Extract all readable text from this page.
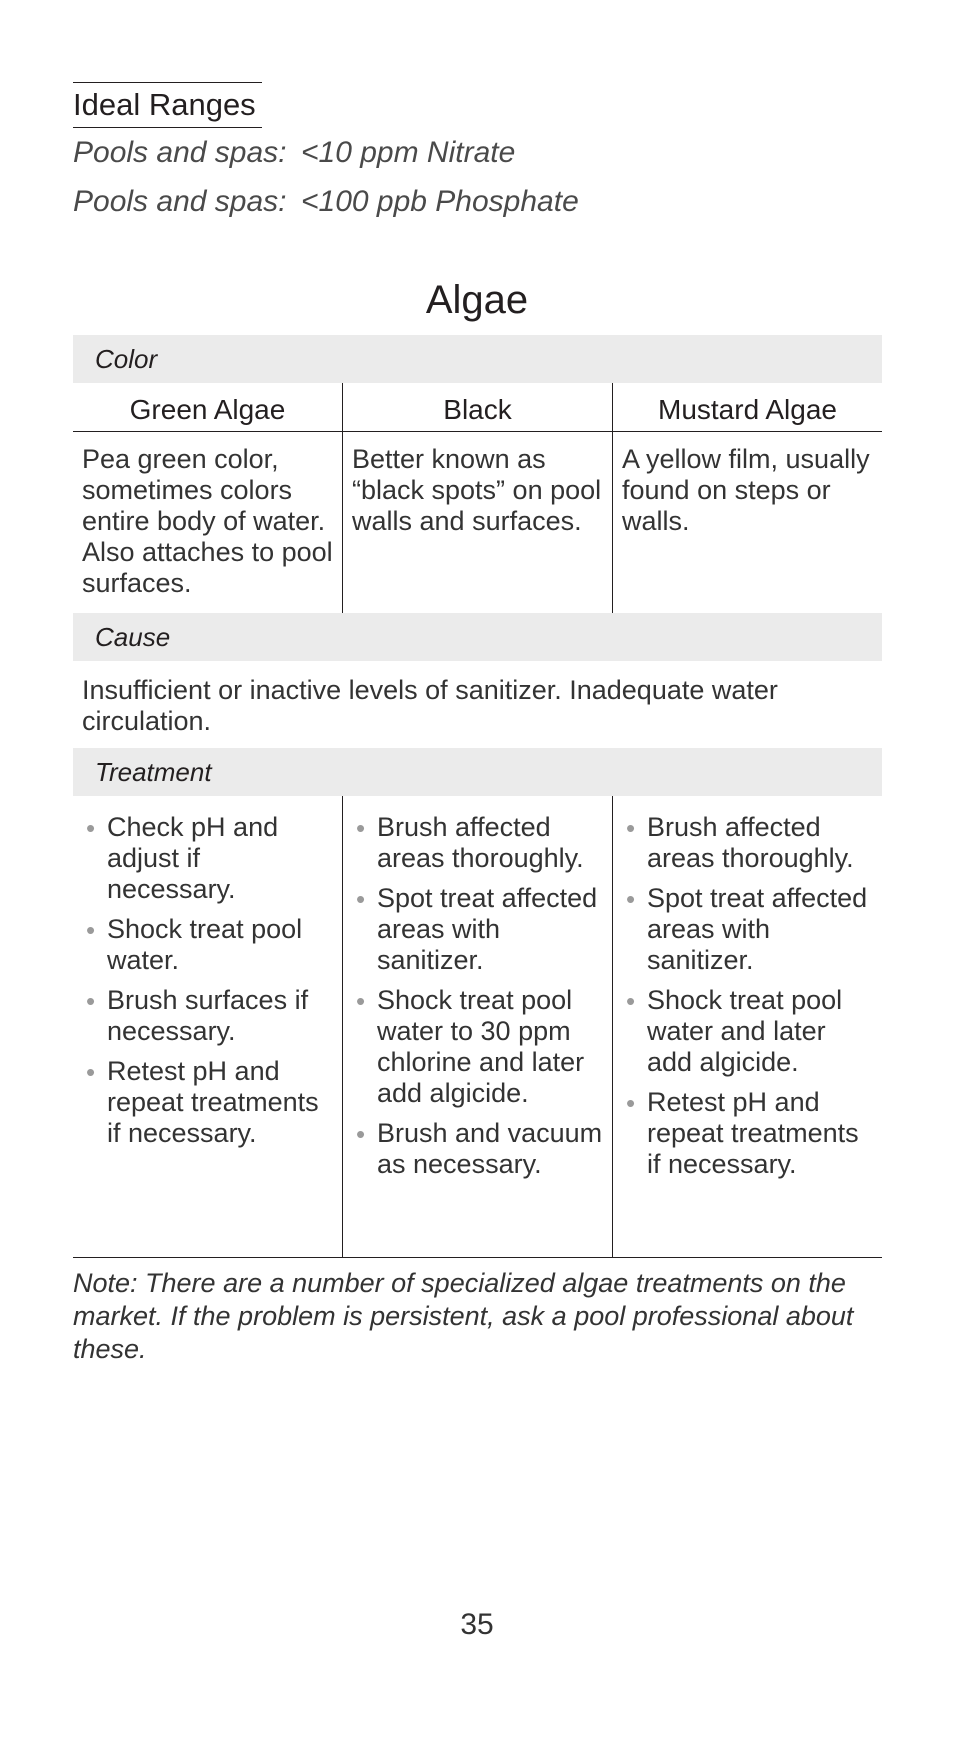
Ideal Ranges
Pools and spas: <10 ppm Nitrate
Pools and spas: <100 ppb Phosphate
Algae
Color
Green Algae	Black	Mustard Algae
Pea green color, sometimes colors entire body of water. Also attaches to pool surfaces.
Better known as “black spots” on pool walls and surfaces.
A yellow film, usually found on steps or walls.
Cause
Insufficient or inactive levels of sanitizer. Inadequate water circulation.
Treatment
• Check pH and adjust if necessary.
• Shock treat pool water.
• Brush surfaces if necessary.
• Retest pH and repeat treatments if necessary.
• Brush affected areas thoroughly.
• Spot treat affected areas with sanitizer.
• Shock treat pool water to 30 ppm chlorine and later add algicide.
• Brush and vacuum as necessary.
• Brush affected areas thoroughly.
• Spot treat affected areas with sanitizer.
• Shock treat pool water and later add algicide.
• Retest pH and repeat treatments if necessary.
Note: There are a number of specialized algae treatments on the market. If the problem is persistent, ask a pool professional about these.
35
